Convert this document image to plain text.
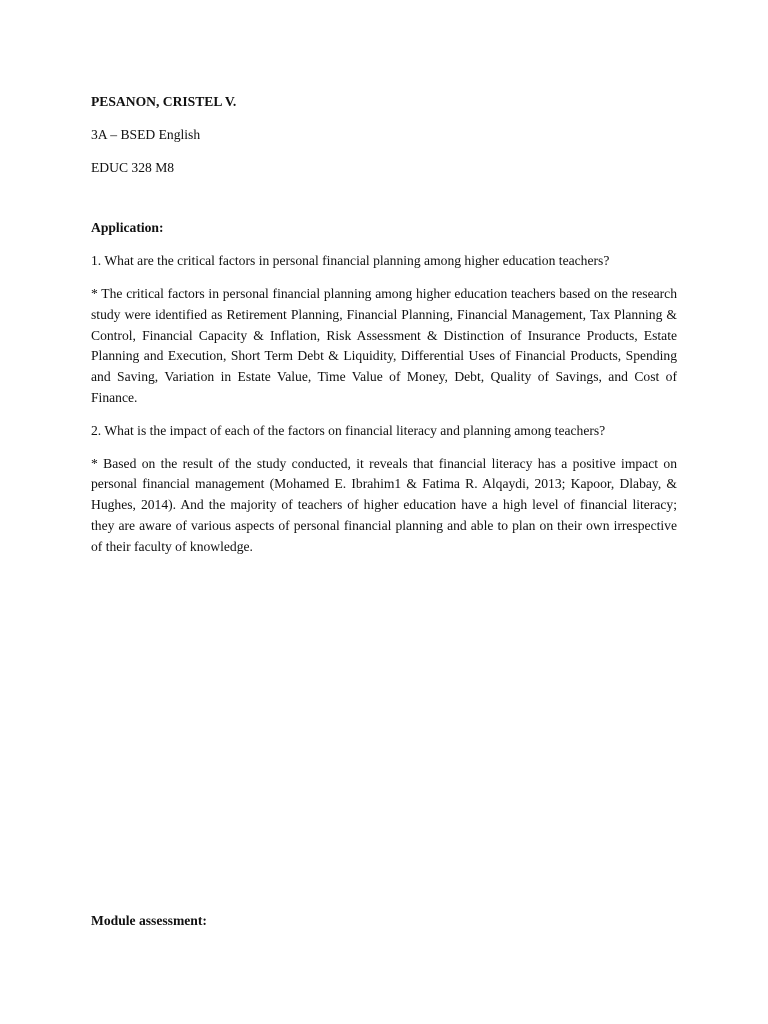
PESANON, CRISTEL V.

3A – BSED English

EDUC 328 M8

Application:

1. What are the critical factors in personal financial planning among higher education teachers?

* The critical factors in personal financial planning among higher education teachers based on the research study were identified as Retirement Planning, Financial Planning, Financial Management, Tax Planning & Control, Financial Capacity & Inflation, Risk Assessment & Distinction of Insurance Products, Estate Planning and Execution, Short Term Debt & Liquidity, Differential Uses of Financial Products, Spending and Saving, Variation in Estate Value, Time Value of Money, Debt, Quality of Savings, and Cost of Finance.

2. What is the impact of each of the factors on financial literacy and planning among teachers?

* Based on the result of the study conducted, it reveals that financial literacy has a positive impact on personal financial management (Mohamed E. Ibrahim1 & Fatima R. Alqaydi, 2013; Kapoor, Dlabay, & Hughes, 2014). And the majority of teachers of higher education have a high level of financial literacy; they are aware of various aspects of personal financial planning and able to plan on their own irrespective of their faculty of knowledge.

Module assessment:
